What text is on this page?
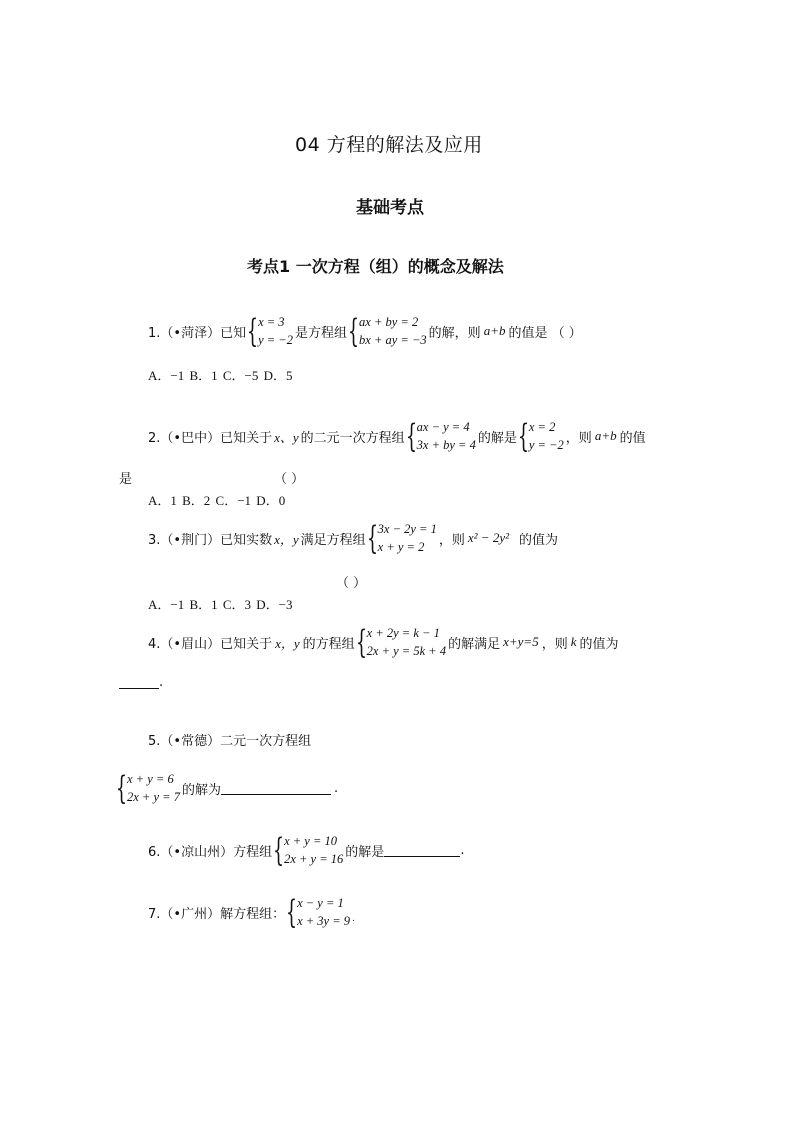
04 方程的解法及应用
基础考点
考点1 一次方程（组）的概念及解法
1.（•菏泽）已知 { x = 3
y = −2 是方程组 { ax + by = 2
bx + ay = −3 的解，则 a+b 的值是 （ ）
A．−1 B．1 C．−5 D．5
2.（•巴中）已知关于 x、y 的二元一次方程组 { ax − y = 4
3x + by = 4 的解是 { x = 2
y = −2 ，则 a+b 的值
是	（ ）
A．1 B．2 C．−1 D．0
3.（•荆门）已知实数 x，y 满足方程组 { 3x − 2y = 1
x + y = 2	，则 x² − 2y² 的值为
（ ）
A．−1 B．1 C．3 D．−3
4.（•眉山）已知关于 x，y 的方程组 { x + 2y = k − 1
2x + y = 5k + 4 的解满足 x+y=5 ，则 k 的值为
.
5.（•常德）二元一次方程组
{ x + y = 6
2x + y = 7 的解为	.
6.（•凉山州）方程组 { x + y = 10
2x + y = 16 的解是	.
7.（•广州）解方程组： { x − y = 1
x + 3y = 9 .
